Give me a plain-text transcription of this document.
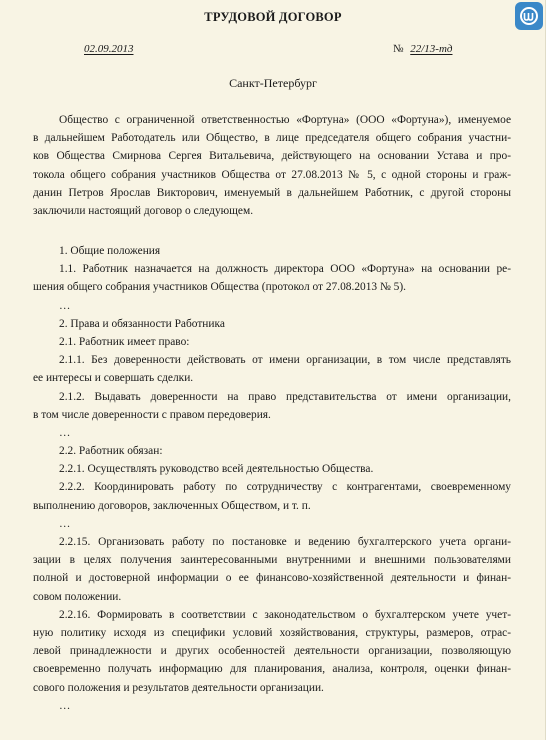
ТРУДОВОЙ ДОГОВОР
02.09.2013	№ 22/13-тд
Санкт-Петербург
Общество с ограниченной ответственностью «Фортуна» (ООО «Фортуна»), именуемое
в дальнейшем Работодатель или Общество, в лице председателя общего собрания участни-
ков Общества Смирнова Сергея Витальевича, действующего на основании Устава и про-
токола общего собрания участников Общества от 27.08.2013 № 5, с одной стороны и граж-
данин Петров Ярослав Викторович, именуемый в дальнейшем Работник, с другой стороны
заключили настоящий договор о следующем.
1. Общие положения
1.1. Работник назначается на должность директора ООО «Фортуна» на основании ре-
шения общего собрания участников Общества (протокол от 27.08.2013 № 5).
…
2. Права и обязанности Работника
2.1. Работник имеет право:
2.1.1. Без доверенности действовать от имени организации, в том числе представлять
ее интересы и совершать сделки.
2.1.2. Выдавать доверенности на право представительства от имени организации,
в том числе доверенности с правом передоверия.
…
2.2. Работник обязан:
2.2.1. Осуществлять руководство всей деятельностью Общества.
2.2.2. Координировать работу по сотрудничеству с контрагентами, своевременному
выполнению договоров, заключенных Обществом, и т. п.
…
2.2.15. Организовать работу по постановке и ведению бухгалтерского учета органи-
зации в целях получения заинтересованными внутренними и внешними пользователями
полной и достоверной информации о ее финансово-хозяйственной деятельности и финан-
совом положении.
2.2.16. Формировать в соответствии с законодательством о бухгалтерском учете учет-
ную политику исходя из специфики условий хозяйствования, структуры, размеров, отрас-
левой принадлежности и других особенностей деятельности организации, позволяющую
своевременно получать информацию для планирования, анализа, контроля, оценки финан-
сового положения и результатов деятельности организации.
…
